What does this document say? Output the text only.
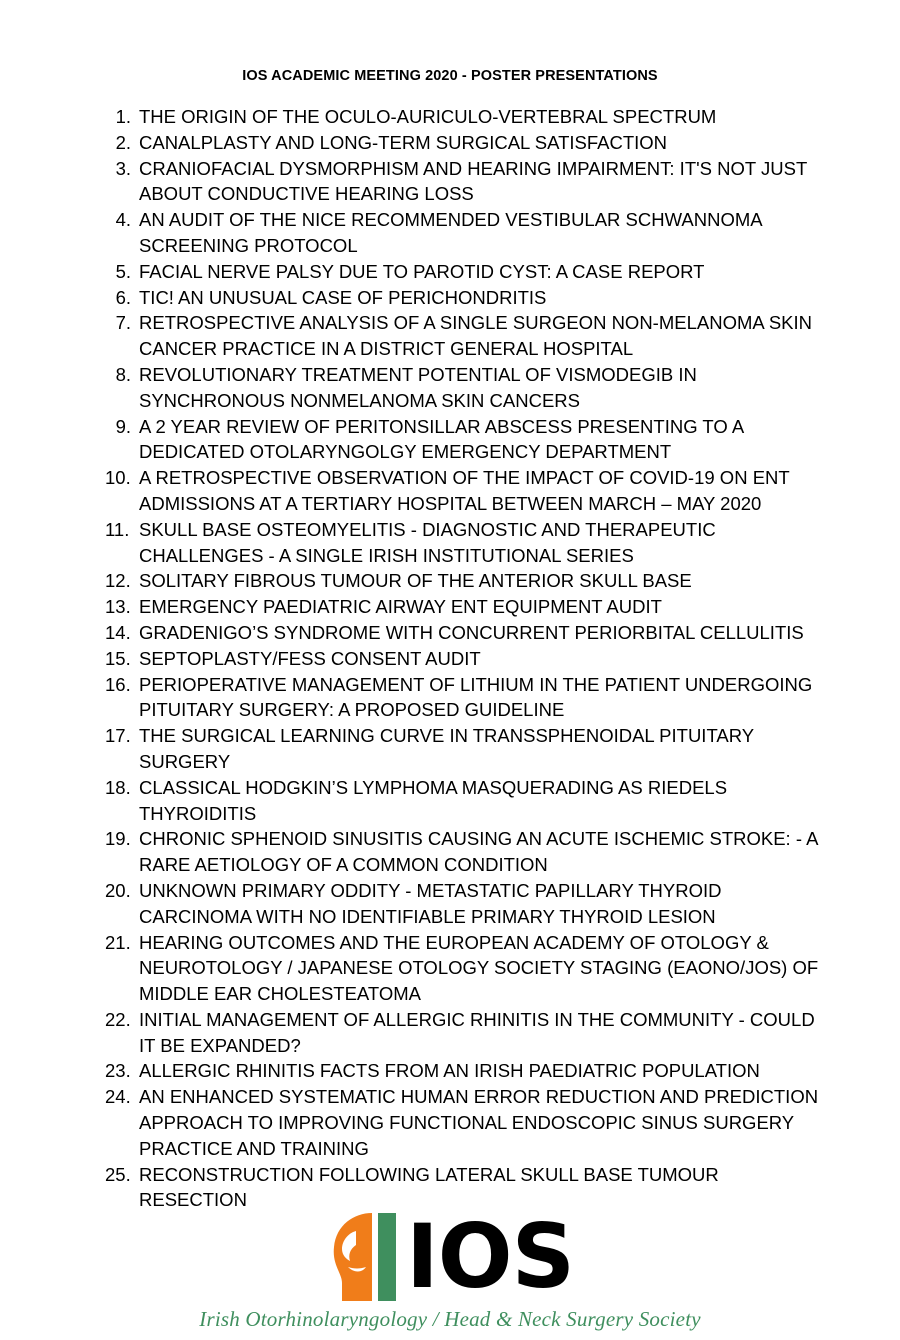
IOS ACADEMIC MEETING 2020 - POSTER PRESENTATIONS
1. THE ORIGIN OF THE OCULO-AURICULO-VERTEBRAL SPECTRUM
2. CANALPLASTY AND LONG-TERM SURGICAL SATISFACTION
3. CRANIOFACIAL DYSMORPHISM AND HEARING IMPAIRMENT: IT'S NOT JUST ABOUT CONDUCTIVE HEARING LOSS
4. AN AUDIT OF THE NICE RECOMMENDED VESTIBULAR SCHWANNOMA SCREENING PROTOCOL
5. FACIAL NERVE PALSY DUE TO PAROTID CYST: A CASE REPORT
6. TIC! AN UNUSUAL CASE OF PERICHONDRITIS
7. RETROSPECTIVE ANALYSIS OF A SINGLE SURGEON NON-MELANOMA SKIN CANCER PRACTICE IN A DISTRICT GENERAL HOSPITAL
8. REVOLUTIONARY TREATMENT POTENTIAL OF VISMODEGIB IN SYNCHRONOUS NONMELANOMA SKIN CANCERS
9. A 2 YEAR REVIEW OF PERITONSILLAR ABSCESS PRESENTING TO A DEDICATED OTOLARYNGOLGY EMERGENCY DEPARTMENT
10. A RETROSPECTIVE OBSERVATION OF THE IMPACT OF COVID-19 ON ENT ADMISSIONS AT A TERTIARY HOSPITAL BETWEEN MARCH – MAY 2020
11. SKULL BASE OSTEOMYELITIS - DIAGNOSTIC AND THERAPEUTIC CHALLENGES - A SINGLE IRISH INSTITUTIONAL SERIES
12. SOLITARY FIBROUS TUMOUR OF THE ANTERIOR SKULL BASE
13. EMERGENCY PAEDIATRIC AIRWAY ENT EQUIPMENT AUDIT
14. GRADENIGO’S SYNDROME WITH CONCURRENT PERIORBITAL CELLULITIS
15. SEPTOPLASTY/FESS CONSENT AUDIT
16. PERIOPERATIVE MANAGEMENT OF LITHIUM IN THE PATIENT UNDERGOING PITUITARY SURGERY: A PROPOSED GUIDELINE
17. THE SURGICAL LEARNING CURVE IN TRANSSPHENOIDAL PITUITARY SURGERY
18. CLASSICAL HODGKIN’S LYMPHOMA MASQUERADING AS RIEDELS THYROIDITIS
19. CHRONIC SPHENOID SINUSITIS CAUSING AN ACUTE ISCHEMIC STROKE: - A RARE AETIOLOGY OF A COMMON CONDITION
20. UNKNOWN PRIMARY ODDITY - METASTATIC PAPILLARY THYROID CARCINOMA WITH NO IDENTIFIABLE PRIMARY THYROID LESION
21. HEARING OUTCOMES AND THE EUROPEAN ACADEMY OF OTOLOGY & NEUROTOLOGY / JAPANESE OTOLOGY SOCIETY STAGING (EAONO/JOS) OF MIDDLE EAR CHOLESTEATOMA
22. INITIAL MANAGEMENT OF ALLERGIC RHINITIS IN THE COMMUNITY - COULD IT BE EXPANDED?
23. ALLERGIC RHINITIS FACTS FROM AN IRISH PAEDIATRIC POPULATION
24. AN ENHANCED SYSTEMATIC HUMAN ERROR REDUCTION AND PREDICTION APPROACH TO IMPROVING FUNCTIONAL ENDOSCOPIC SINUS SURGERY PRACTICE AND TRAINING
25. RECONSTRUCTION FOLLOWING LATERAL SKULL BASE TUMOUR RESECTION
IOS
Irish Otorhinolaryngology / Head & Neck Surgery Society
